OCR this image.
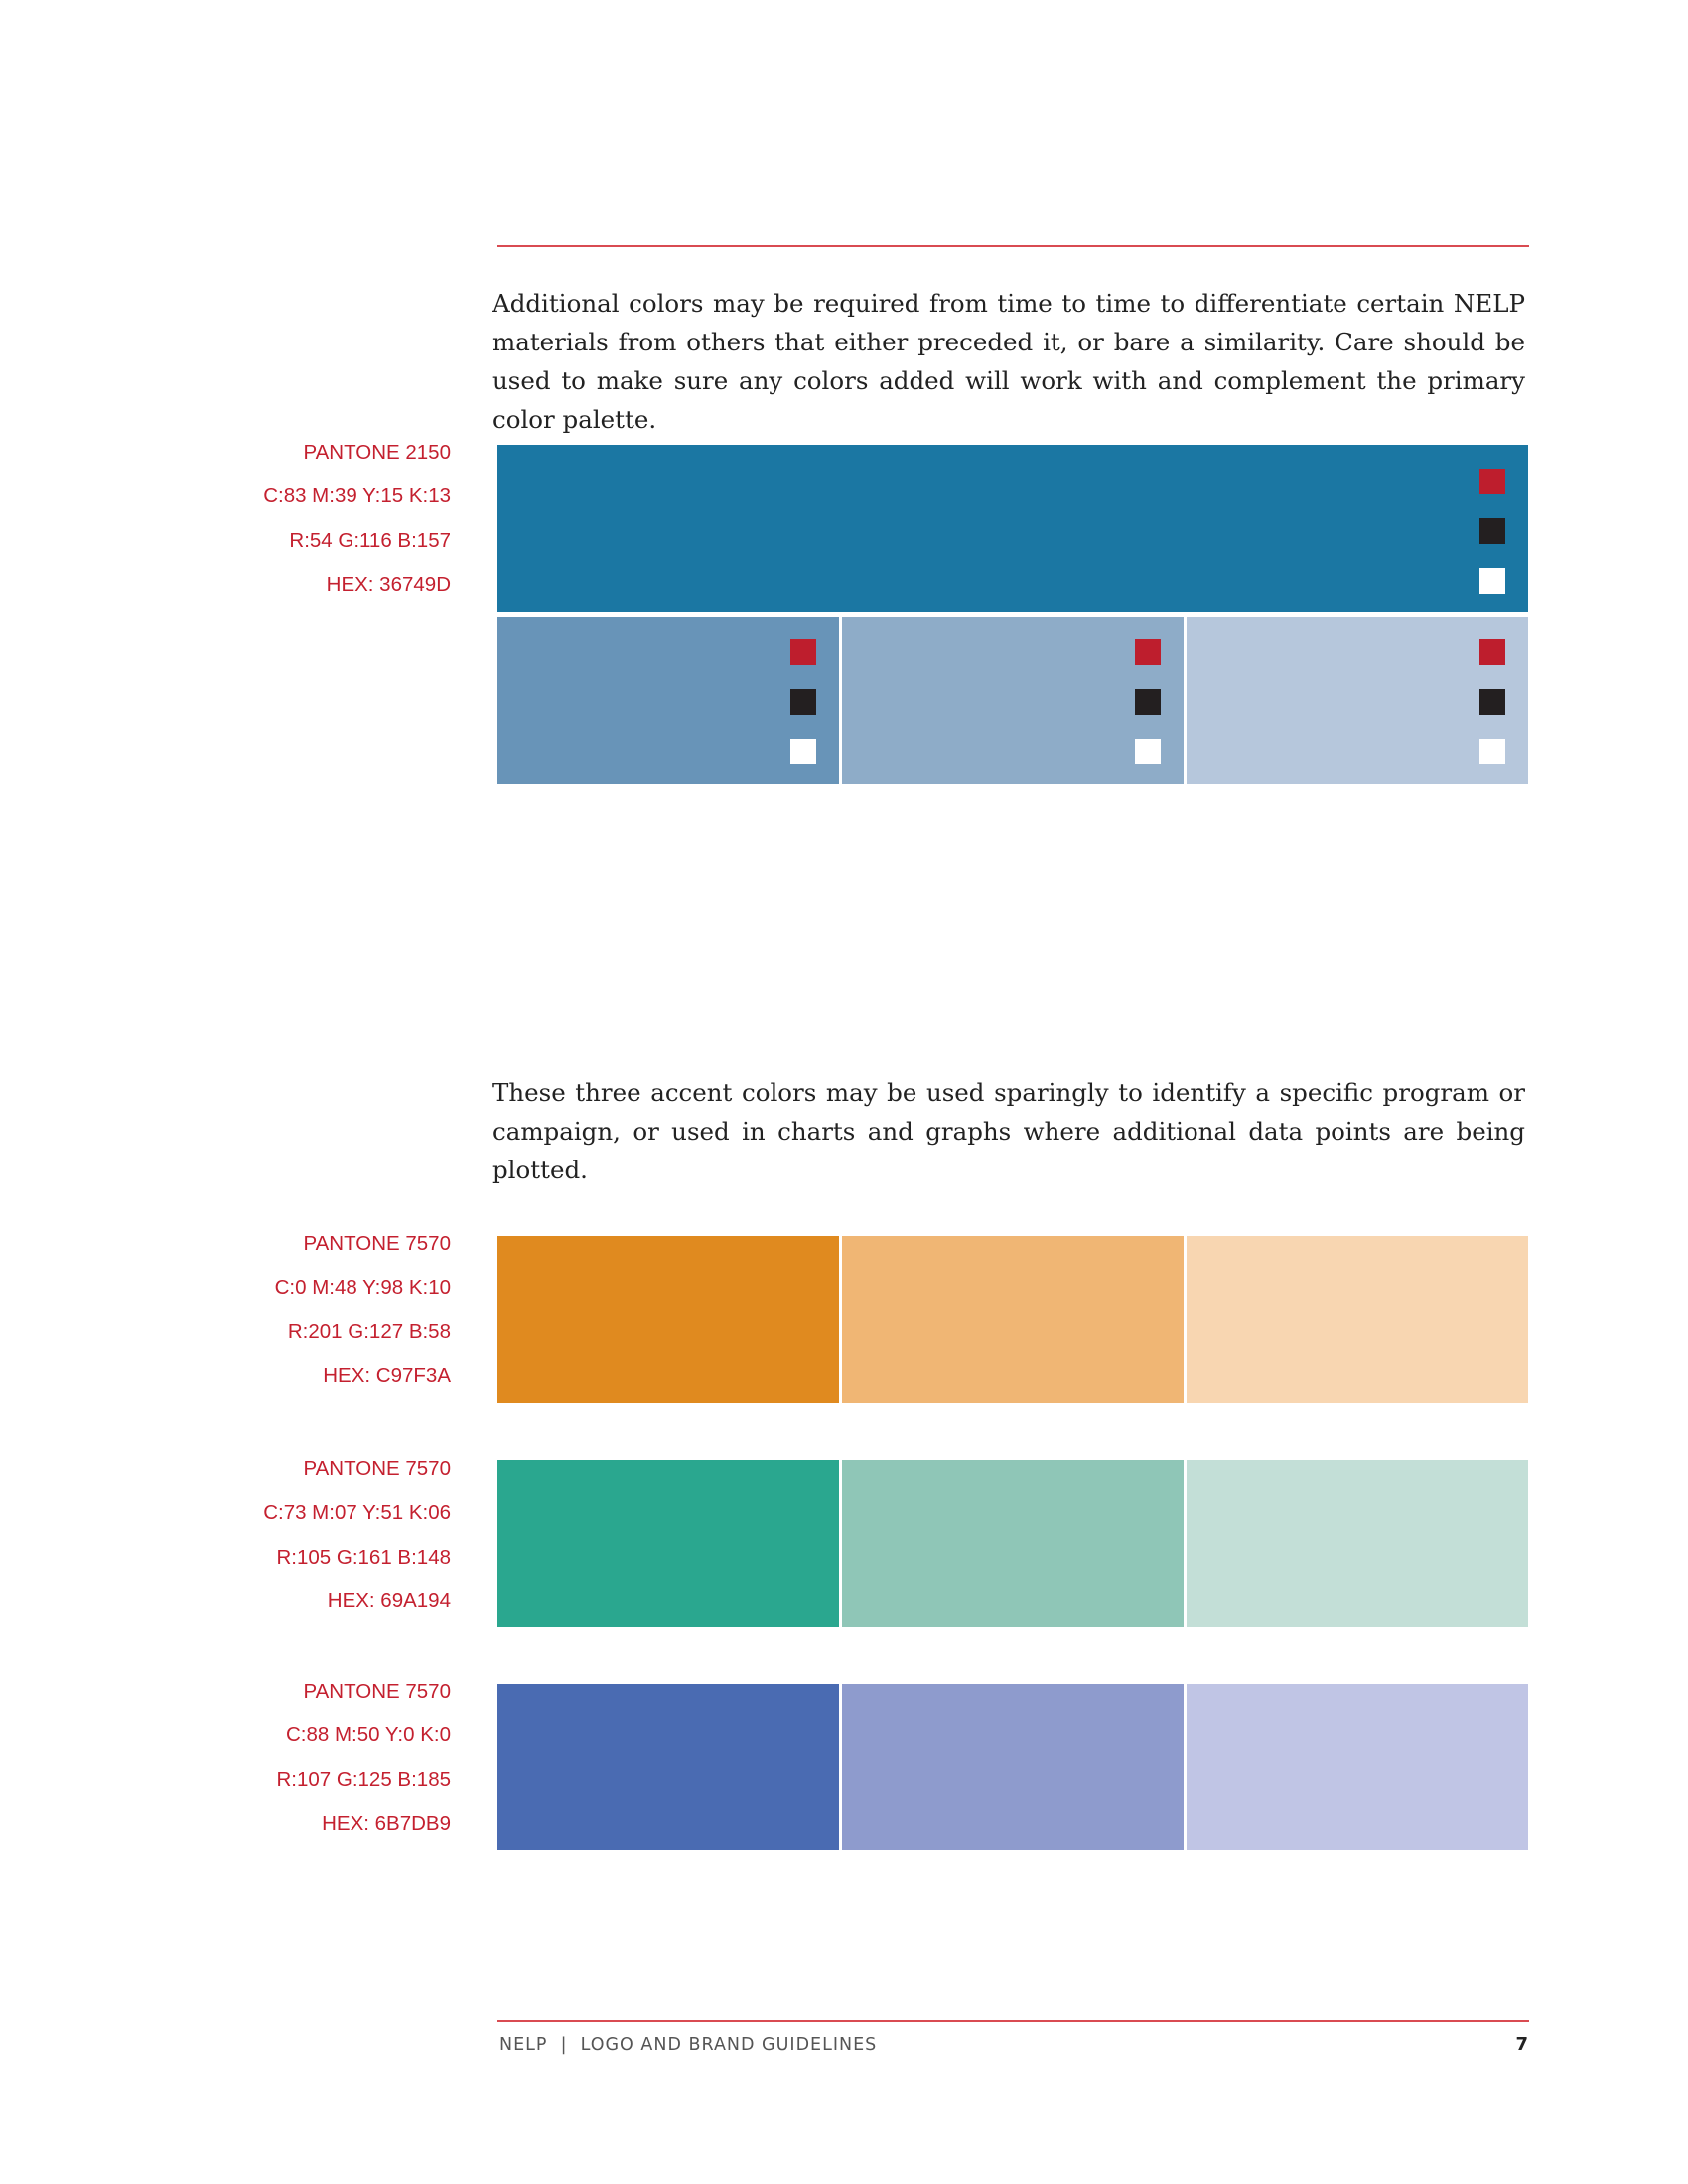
Additional colors may be required from time to time to differentiate certain NELP materials from others that either preceded it, or bare a similarity. Care should be used to make sure any colors added will work with and complement the primary color palette.

PANTONE 2150
C:83 M:39 Y:15 K:13
R:54 G:116 B:157
HEX: 36749D

These three accent colors may be used sparingly to identify a specific program or campaign, or used in charts and graphs where additional data points are being plotted.

PANTONE 7570
C:0 M:48 Y:98 K:10
R:201 G:127 B:58
HEX: C97F3A
PANTONE 7570
C:73 M:07 Y:51 K:06
R:105 G:161 B:148
HEX: 69A194
PANTONE 7570
C:88 M:50 Y:0 K:0
R:107 G:125 B:185
HEX: 6B7DB9
NELP  |  LOGO AND BRAND GUIDELINES	7
